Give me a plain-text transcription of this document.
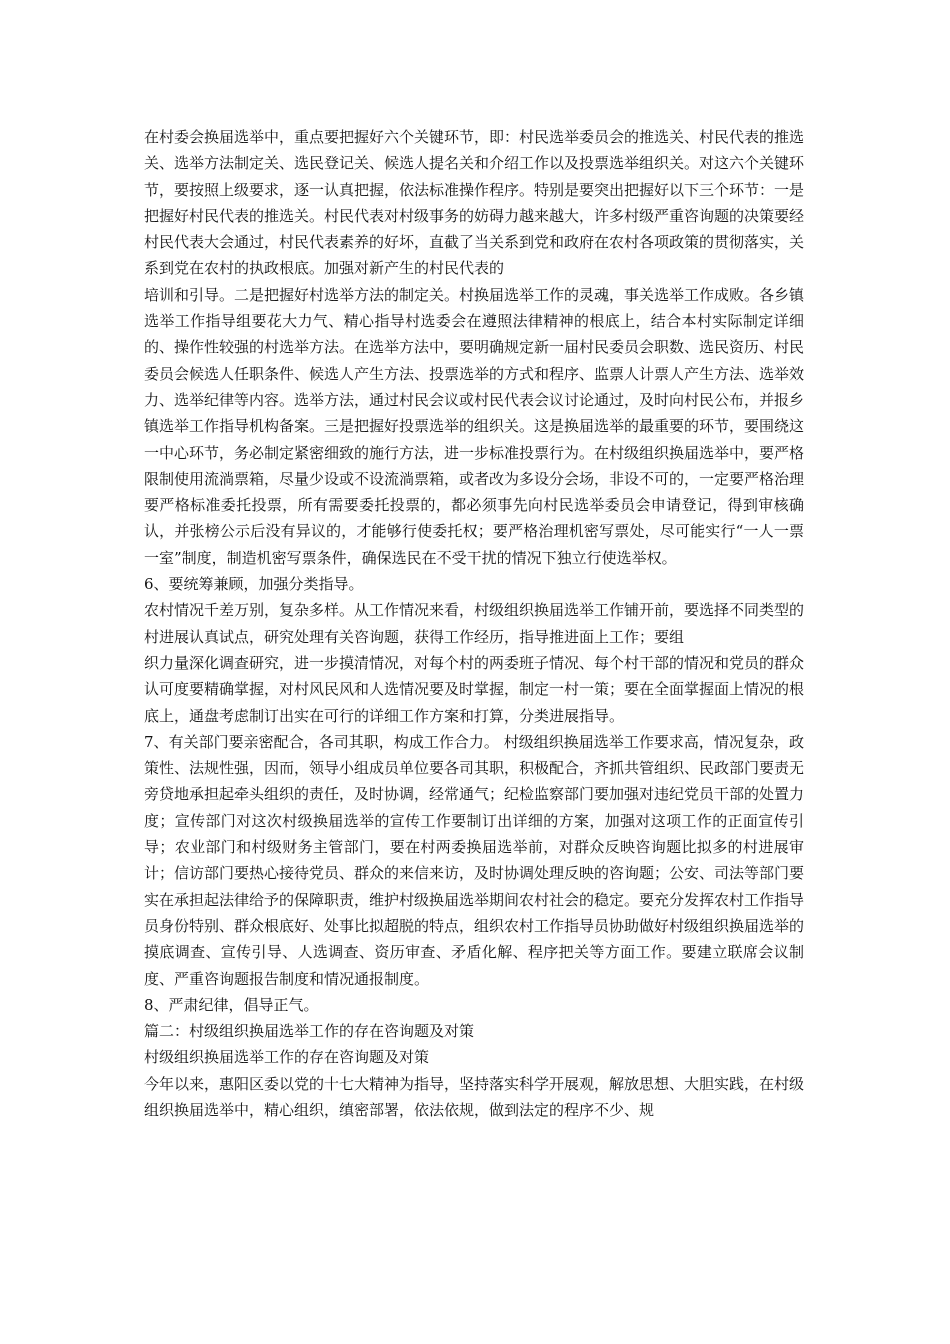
在村委会换届选举中，重点要把握好六个关键环节，即：村民选举委员会的推选关、村民代表的推选关、选举方法制定关、选民登记关、候选人提名关和介绍工作以及投票选举组织关。对这六个关键环节，要按照上级要求，逐一认真把握，依法标准操作程序。特别是要突出把握好以下三个环节：一是把握好村民代表的推选关。村民代表对村级事务的妨碍力越来越大，许多村级严重咨询题的决策要经村民代表大会通过，村民代表素养的好坏，直截了当关系到党和政府在农村各项政策的贯彻落实，关系到党在农村的执政根底。加强对新产生的村民代表的

培训和引导。二是把握好村选举方法的制定关。村换届选举工作的灵魂，事关选举工作成败。各乡镇选举工作指导组要花大力气、精心指导村选委会在遵照法律精神的根底上，结合本村实际制定详细的、操作性较强的村选举方法。在选举方法中，要明确规定新一届村民委员会职数、选民资历、村民委员会候选人任职条件、候选人产生方法、投票选举的方式和程序、监票人计票人产生方法、选举效力、选举纪律等内容。选举方法，通过村民会议或村民代表会议讨论通过，及时向村民公布，并报乡镇选举工作指导机构备案。三是把握好投票选举的组织关。这是换届选举的最重要的环节，要围绕这一中心环节，务必制定紧密细致的施行方法，进一步标准投票行为。在村级组织换届选举中，要严格限制使用流淌票箱，尽量少设或不设流淌票箱，或者改为多设分会场，非设不可的，一定要严格治理要严格标准委托投票，所有需要委托投票的，都必须事先向村民选举委员会申请登记，得到审核确认，并张榜公示后没有异议的，才能够行使委托权；要严格治理机密写票处，尽可能实行“一人一票一室”制度，制造机密写票条件，确保选民在不受干扰的情况下独立行使选举权。

6、要统筹兼顾，加强分类指导。

农村情况千差万别，复杂多样。从工作情况来看，村级组织换届选举工作铺开前，要选择不同类型的村进展认真试点，研究处理有关咨询题，获得工作经历，指导推进面上工作；要组

织力量深化调查研究，进一步摸清情况，对每个村的两委班子情况、每个村干部的情况和党员的群众认可度要精确掌握，对村风民风和人选情况要及时掌握，制定一村一策；要在全面掌握面上情况的根底上，通盘考虑制订出实在可行的详细工作方案和打算，分类进展指导。

7、有关部门要亲密配合，各司其职，构成工作合力。 村级组织换届选举工作要求高，情况复杂，政策性、法规性强，因而，领导小组成员单位要各司其职，积极配合，齐抓共管组织、民政部门要责无旁贷地承担起牵头组织的责任，及时协调，经常通气；纪检监察部门要加强对违纪党员干部的处置力度；宣传部门对这次村级换届选举的宣传工作要制订出详细的方案，加强对这项工作的正面宣传引导；农业部门和村级财务主管部门，要在村两委换届选举前，对群众反映咨询题比拟多的村进展审计；信访部门要热心接待党员、群众的来信来访，及时协调处理反映的咨询题；公安、司法等部门要实在承担起法律给予的保障职责，维护村级换届选举期间农村社会的稳定。要充分发挥农村工作指导员身份特别、群众根底好、处事比拟超脱的特点，组织农村工作指导员协助做好村级组织换届选举的摸底调查、宣传引导、人选调查、资历审查、矛盾化解、程序把关等方面工作。要建立联席会议制度、严重咨询题报告制度和情况通报制度。

8、严肃纪律，倡导正气。

篇二：村级组织换届选举工作的存在咨询题及对策

村级组织换届选举工作的存在咨询题及对策

今年以来，惠阳区委以党的十七大精神为指导，坚持落实科学开展观，解放思想、大胆实践，在村级组织换届选举中，精心组织，缜密部署，依法依规，做到法定的程序不少、规
